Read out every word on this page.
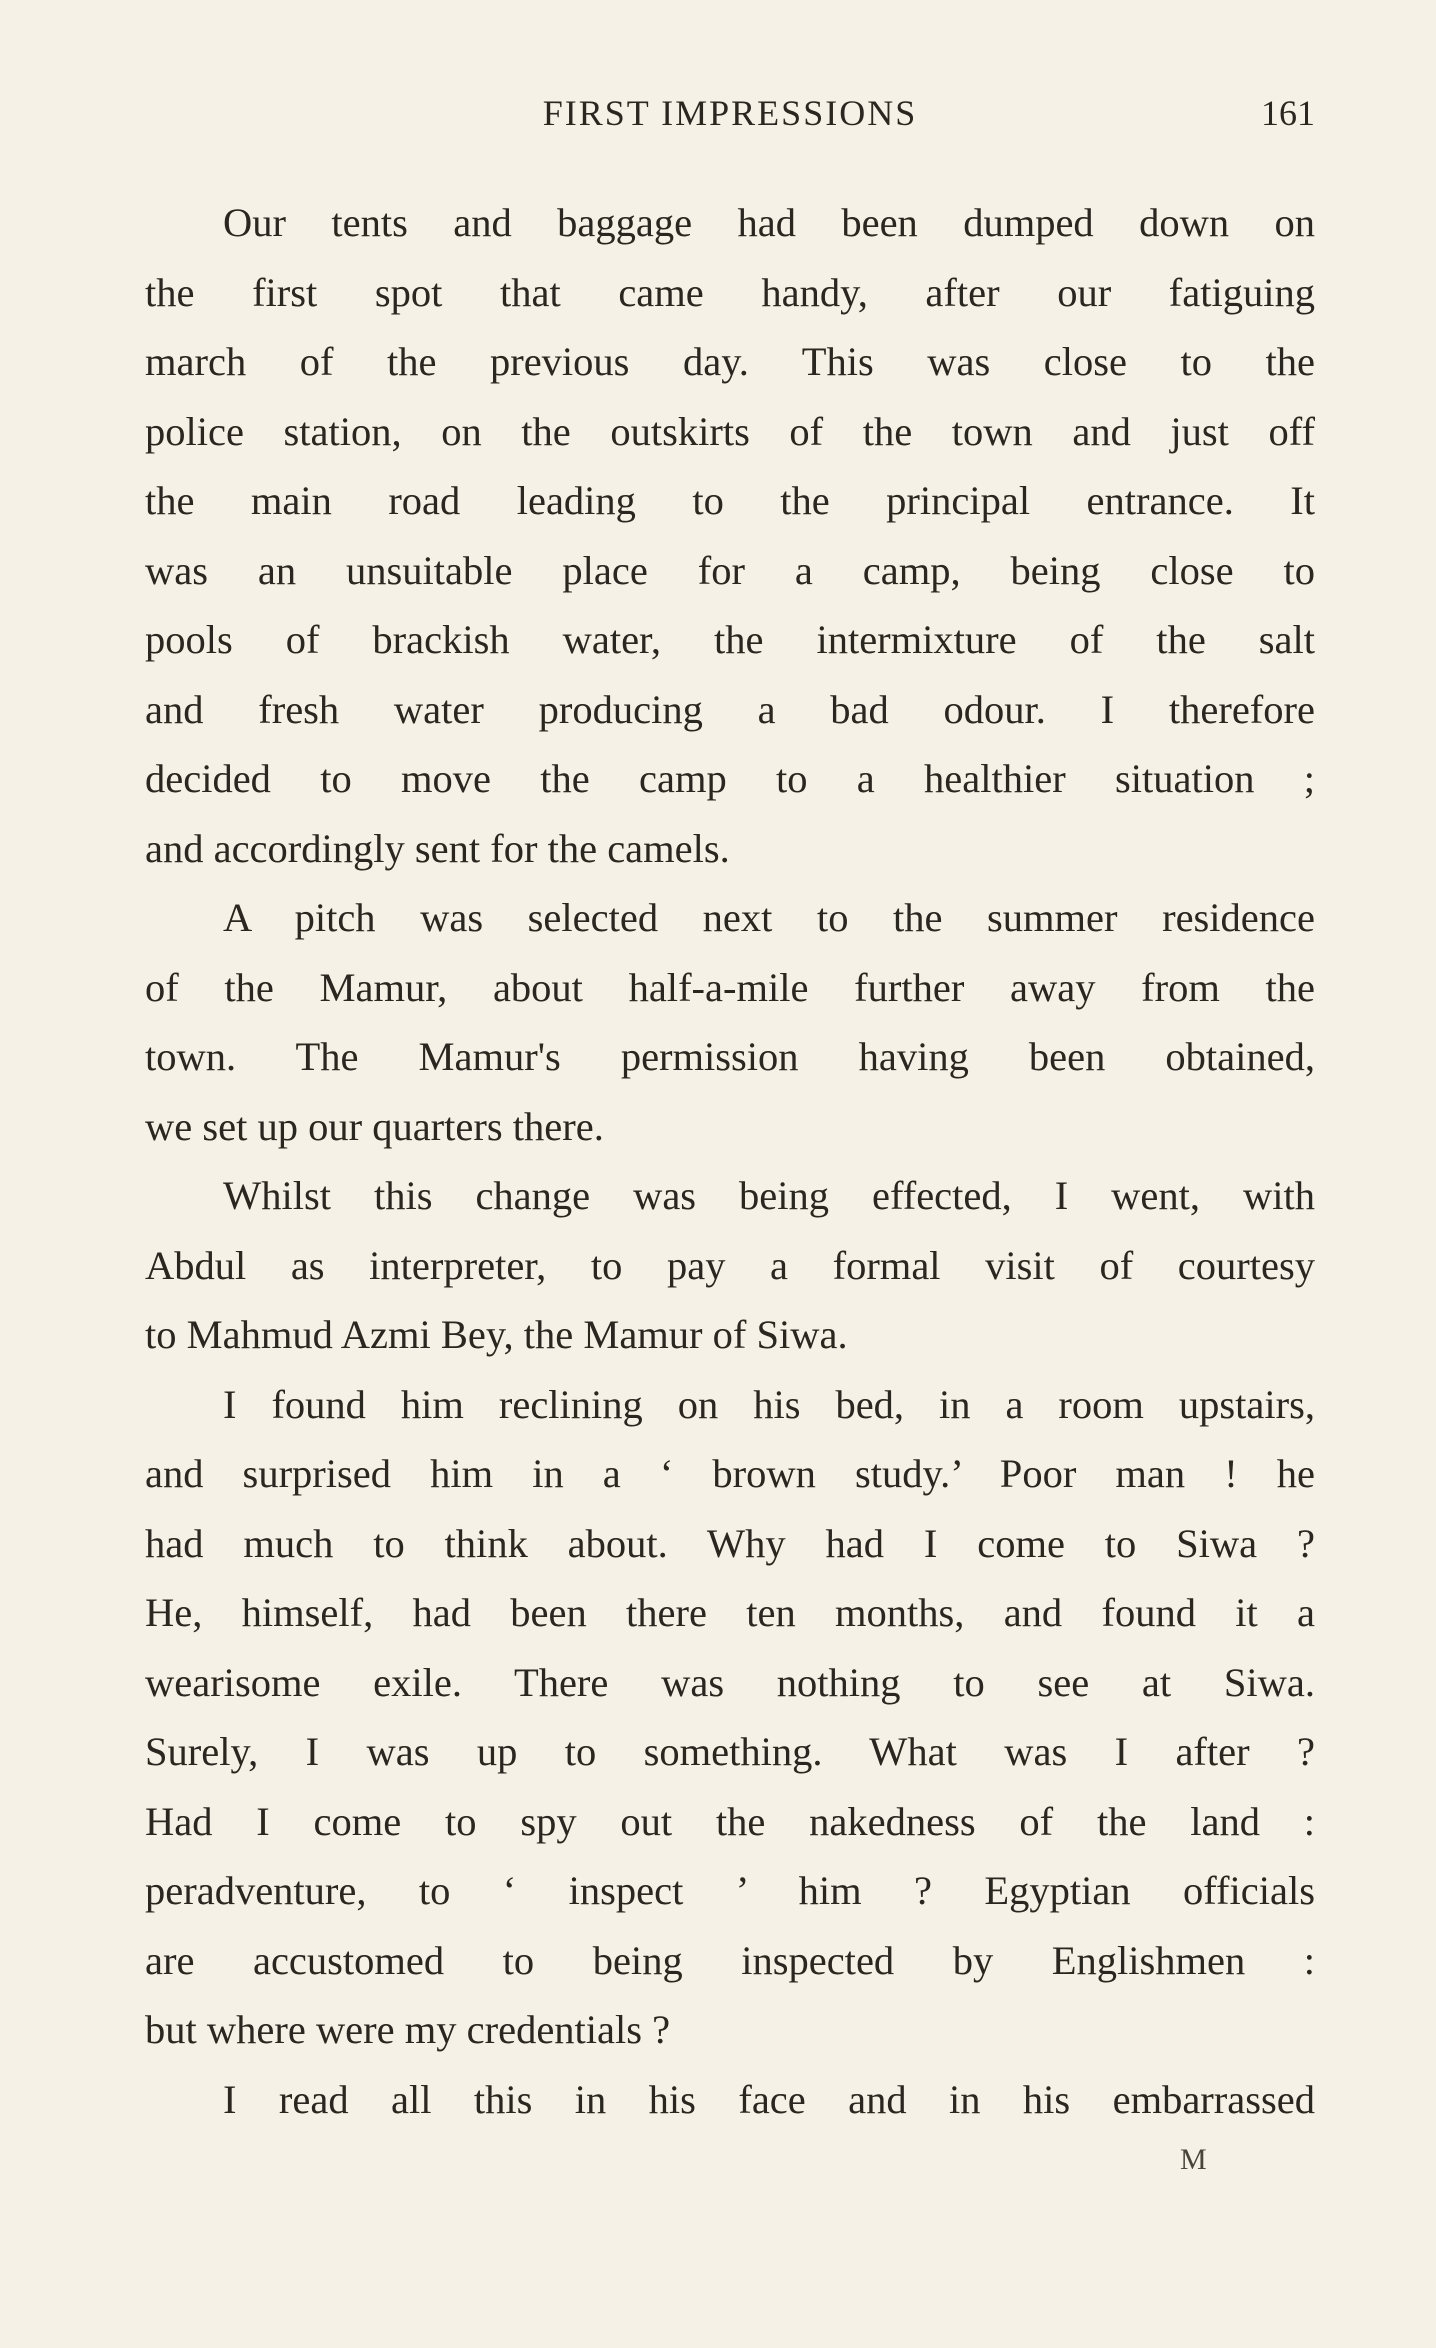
FIRST IMPRESSIONS	161
Our tents and baggage had been dumped down on
the first spot that came handy, after our fatiguing
march of the previous day. This was close to the
police station, on the outskirts of the town and just off
the main road leading to the principal entrance. It
was an unsuitable place for a camp, being close to
pools of brackish water, the intermixture of the salt
and fresh water producing a bad odour. I therefore
decided to move the camp to a healthier situation ;
and accordingly sent for the camels.
A pitch was selected next to the summer residence
of the Mamur, about half-a-mile further away from the
town. The Mamur's permission having been obtained,
we set up our quarters there.
Whilst this change was being effected, I went, with
Abdul as interpreter, to pay a formal visit of courtesy
to Mahmud Azmi Bey, the Mamur of Siwa.
I found him reclining on his bed, in a room upstairs,
and surprised him in a ‘ brown study.’ Poor man ! he
had much to think about. Why had I come to Siwa ?
He, himself, had been there ten months, and found it a
wearisome exile. There was nothing to see at Siwa.
Surely, I was up to something. What was I after ?
Had I come to spy out the nakedness of the land :
peradventure, to ‘ inspect ’ him ? Egyptian officials
are accustomed to being inspected by Englishmen :
but where were my credentials ?
I read all this in his face and in his embarrassed
M
